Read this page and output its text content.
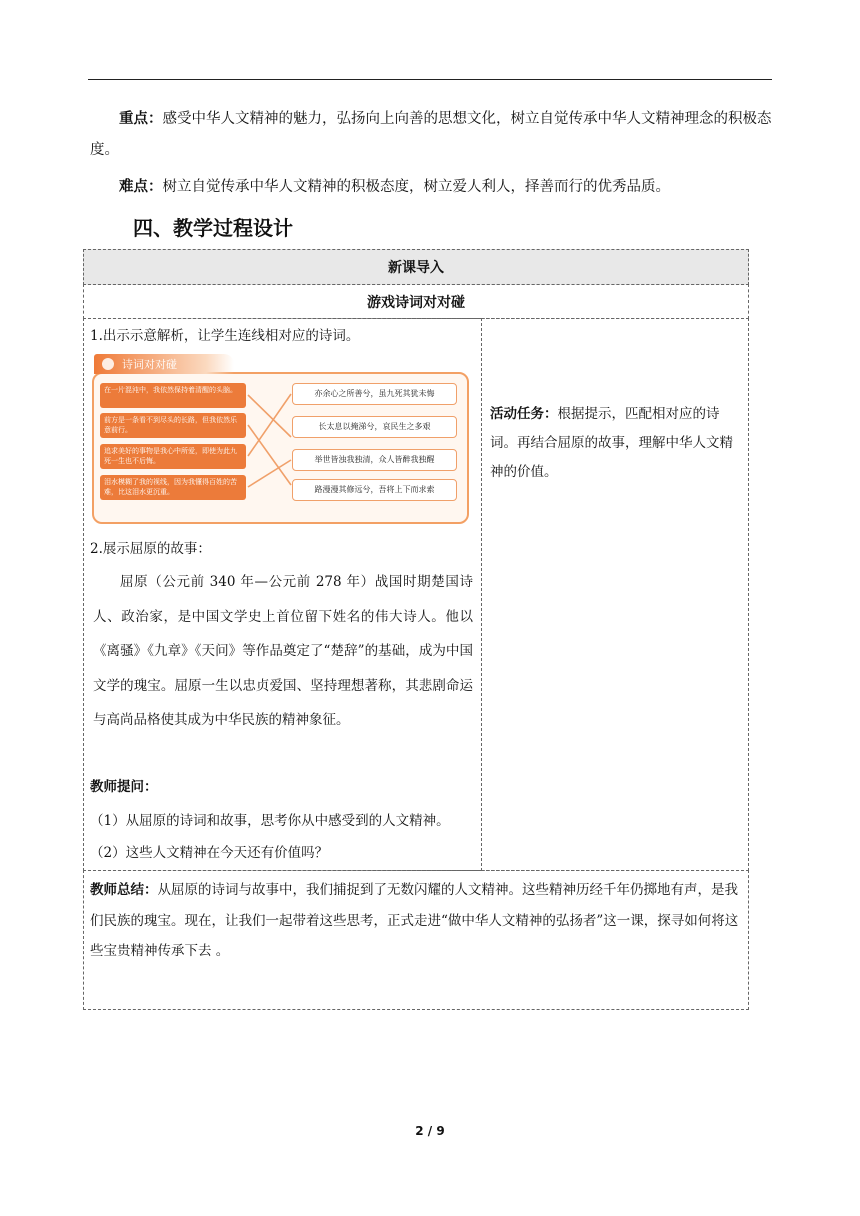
重点：感受中华人文精神的魅力，弘扬向上向善的思想文化，树立自觉传承中华人文精神理念的积极态度。
难点：树立自觉传承中华人文精神的积极态度，树立爱人利人，择善而行的优秀品质。
四、教学过程设计
新课导入
游戏诗词对对碰
1.出示示意解析，让学生连线相对应的诗词。
诗词对对碰
在一片混沌中，我依然保持着清醒的头脑。
前方是一条看不到尽头的长路，但我依然乐意前行。
追求美好的事物是我心中所爱，即使为此九死一生也不后悔。
泪水模糊了我的视线，因为我懂得百姓的苦难，比这泪水更沉重。
亦余心之所善兮，虽九死其犹未悔
长太息以掩涕兮，哀民生之多艰
举世皆浊我独清，众人皆醉我独醒
路漫漫其修远兮，吾将上下而求索
2.展示屈原的故事：
屈原（公元前 340 年—公元前 278 年）战国时期楚国诗人、政治家，是中国文学史上首位留下姓名的伟大诗人。他以《离骚》《九章》《天问》等作品奠定了“楚辞”的基础，成为中国文学的瑰宝。屈原一生以忠贞爱国、坚持理想著称，其悲剧命运与高尚品格使其成为中华民族的精神象征。
教师提问：
（1）从屈原的诗词和故事，思考你从中感受到的人文精神。
（2）这些人文精神在今天还有价值吗？
活动任务：根据提示，匹配相对应的诗词。再结合屈原的故事，理解中华人文精神的价值。
教师总结：从屈原的诗词与故事中，我们捕捉到了无数闪耀的人文精神。这些精神历经千年仍掷地有声，是我们民族的瑰宝。现在，让我们一起带着这些思考，正式走进“做中华人文精神的弘扬者”这一课，探寻如何将这些宝贵精神传承下去 。
2 / 9
